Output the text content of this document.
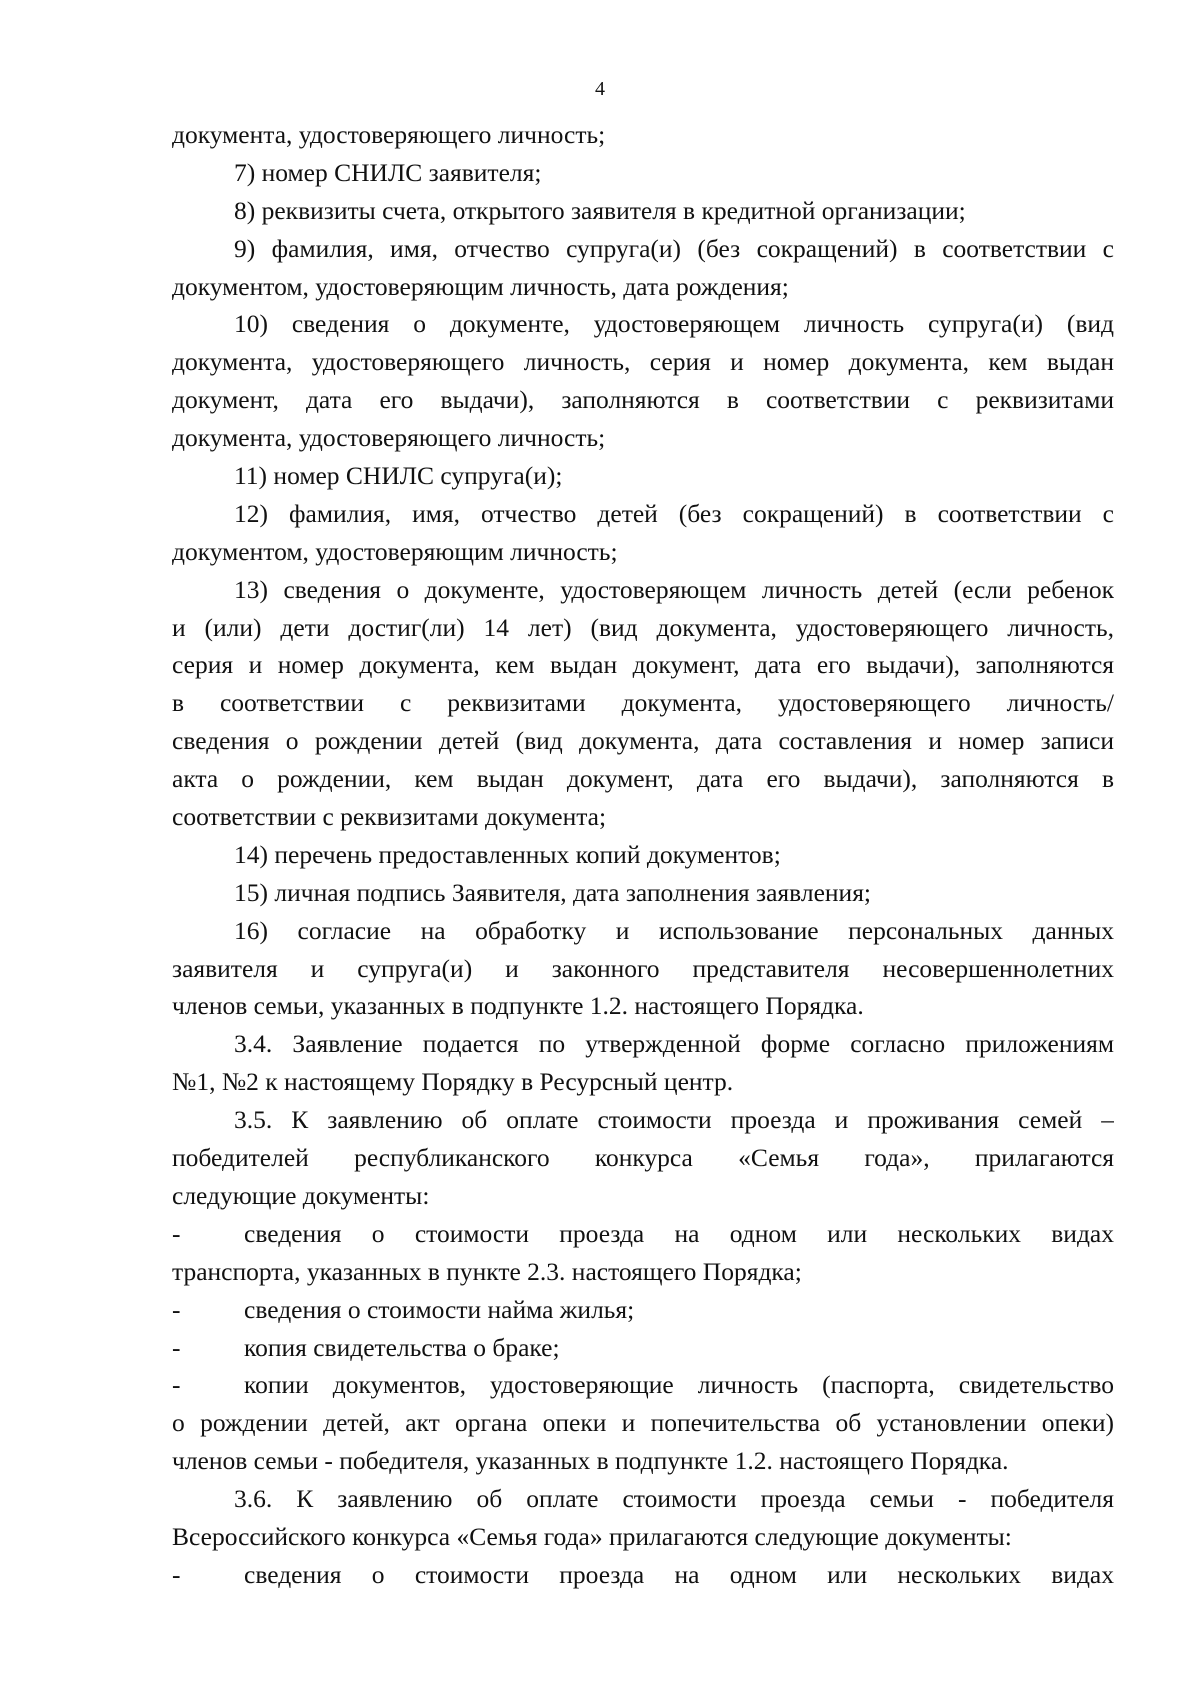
4
документа, удостоверяющего личность;
7) номер СНИЛС заявителя;
8) реквизиты счета, открытого заявителя в кредитной организации;
9) фамилия, имя, отчество супруга(и) (без сокращений) в соответствии с
документом, удостоверяющим личность, дата рождения;
10) сведения о документе, удостоверяющем личность супруга(и) (вид
документа, удостоверяющего личность, серия и номер документа, кем выдан
документ, дата его выдачи), заполняются в соответствии с реквизитами
документа, удостоверяющего личность;
11) номер СНИЛС супруга(и);
12) фамилия, имя, отчество детей (без сокращений) в соответствии с
документом, удостоверяющим личность;
13) сведения о документе, удостоверяющем личность детей (если ребенок
и (или) дети достиг(ли) 14 лет) (вид документа, удостоверяющего личность,
серия и номер документа, кем выдан документ, дата его выдачи), заполняются
в соответствии с реквизитами документа, удостоверяющего личность/
сведения о рождении детей (вид документа, дата составления и номер записи
акта о рождении, кем выдан документ, дата его выдачи), заполняются в
соответствии с реквизитами документа;
14) перечень предоставленных копий документов;
15) личная подпись Заявителя, дата заполнения заявления;
16) согласие на обработку и использование персональных данных
заявителя и супруга(и) и законного представителя несовершеннолетних
членов семьи, указанных в подпункте 1.2. настоящего Порядка.
3.4. Заявление подается по утвержденной форме согласно приложениям
№1, №2 к настоящему Порядку в Ресурсный центр.
3.5. К заявлению об оплате стоимости проезда и проживания семей –
победителей республиканского конкурса «Семья года», прилагаются
следующие документы:
-	сведения о стоимости проезда на одном или нескольких видах
транспорта, указанных в пункте 2.3. настоящего Порядка;
-	сведения о стоимости найма жилья;
-	копия свидетельства о браке;
-	копии документов, удостоверяющие личность (паспорта, свидетельство
о рождении детей, акт органа опеки и попечительства об установлении опеки)
членов семьи - победителя, указанных в подпункте 1.2. настоящего Порядка.
3.6. К заявлению об оплате стоимости проезда семьи - победителя
Всероссийского конкурса «Семья года» прилагаются следующие документы:
-	сведения о стоимости проезда на одном или нескольких видах
